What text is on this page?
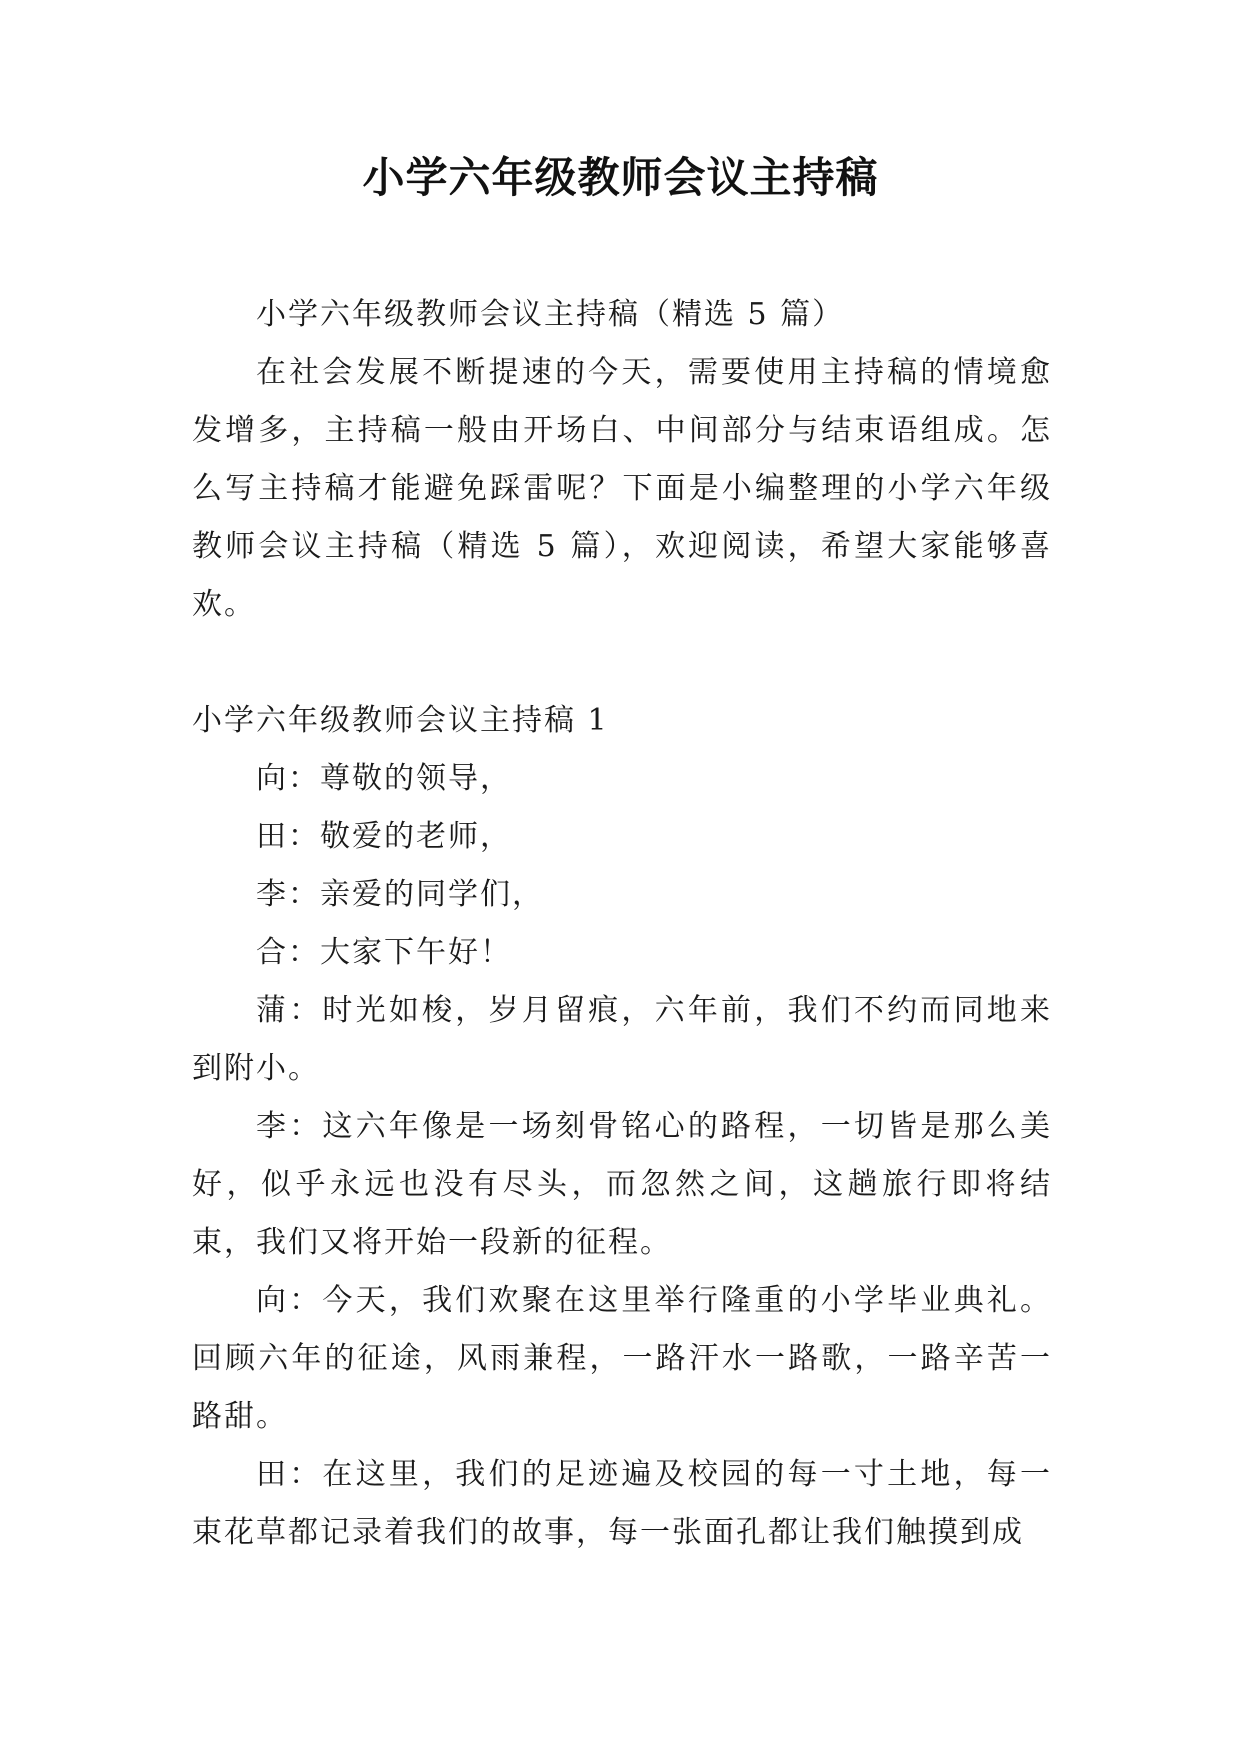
小学六年级教师会议主持稿

小学六年级教师会议主持稿（精选 5 篇）

在社会发展不断提速的今天，需要使用主持稿的情境愈发增多，主持稿一般由开场白、中间部分与结束语组成。怎么写主持稿才能避免踩雷呢？下面是小编整理的小学六年级教师会议主持稿（精选 5 篇），欢迎阅读，希望大家能够喜欢。

小学六年级教师会议主持稿 1

向：尊敬的领导，

田：敬爱的老师，

李：亲爱的同学们，

合：大家下午好！

蒲：时光如梭，岁月留痕，六年前，我们不约而同地来到附小。

李：这六年像是一场刻骨铭心的路程，一切皆是那么美好，似乎永远也没有尽头，而忽然之间，这趟旅行即将结束，我们又将开始一段新的征程。

向：今天，我们欢聚在这里举行隆重的小学毕业典礼。回顾六年的征途，风雨兼程，一路汗水一路歌，一路辛苦一路甜。

田：在这里，我们的足迹遍及校园的每一寸土地，每一束花草都记录着我们的故事，每一张面孔都让我们触摸到成
